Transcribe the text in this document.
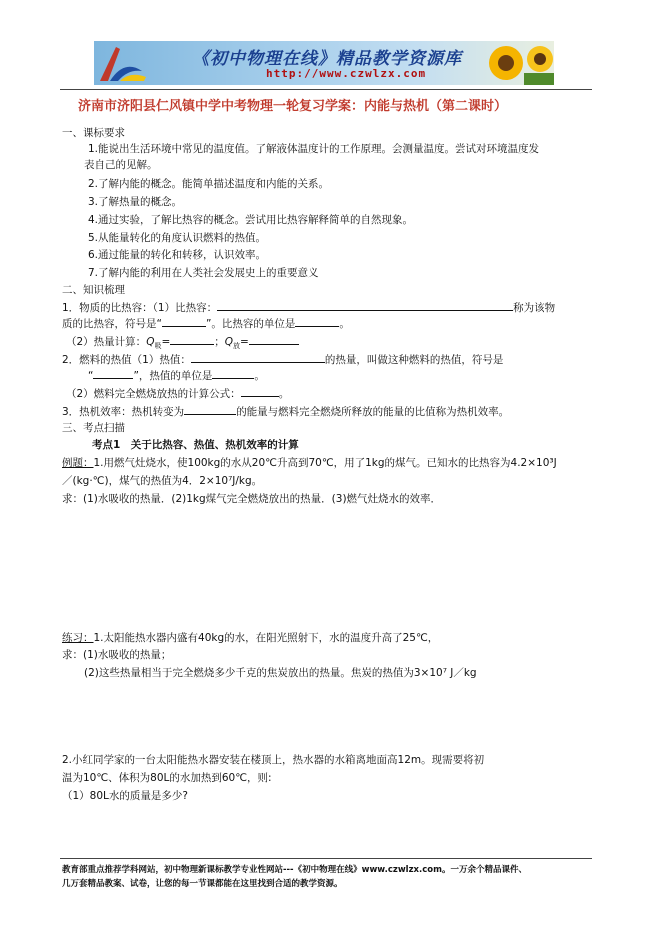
《初中物理在线》精品教学资源库
http://www.czwlzx.com
济南市济阳县仁风镇中学中考物理一轮复习学案：内能与热机（第二课时）
一、课标要求
1.能说出生活环境中常见的温度值。了解液体温度计的工作原理。会测量温度。尝试对环境温度发
表自己的见解。
2.了解内能的概念。能简单描述温度和内能的关系。
3.了解热量的概念。
4.通过实验，了解比热容的概念。尝试用比热容解释简单的自然现象。
5.从能量转化的角度认识燃料的热值。
6.通过能量的转化和转移，认识效率。
7.了解内能的利用在人类社会发展史上的重要意义
二、知识梳理
1．物质的比热容：（1）比热容：	称为该物
质的比热容，符号是“	”。比热容的单位是	。
（2）热量计算：$Q_吸=$	；$Q_放=$
2．燃料的热值（1）热值：	的热量，叫做这种燃料的热值，符号是
“	”，热值的单位是	。
（2）燃料完全燃烧放热的计算公式：	。
3．热机效率：热机转变为	的能量与燃料完全燃烧所释放的能量的比值称为热机效率。
三、考点扫描
考点1　关于比热容、热值、热机效率的计算
例题：1.用燃气灶烧水，使100kg的水从20℃升高到70℃，用了1kg的煤气。已知水的比热容为4.2×10³J
／(kg·℃)，煤气的热值为4．2×10⁷J/kg。
求：(1)水吸收的热量．(2)1kg煤气完全燃烧放出的热量．(3)燃气灶烧水的效率．
练习：1.太阳能热水器内盛有40kg的水，在阳光照射下，水的温度升高了25℃，
求：(1)水吸收的热量；
(2)这些热量相当于完全燃烧多少千克的焦炭放出的热量。焦炭的热值为3×10⁷ J／kg
2.小红同学家的一台太阳能热水器安装在楼顶上，热水器的水箱离地面高12m。现需要将初
温为10℃、体积为80L的水加热到60℃，则:
（1）80L水的质量是多少?
教育部重点推荐学科网站，初中物理新课标教学专业性网站---《初中物理在线》www.czwlzx.com。一万余个精品课件、
几万套精品教案、试卷，让您的每一节课都能在这里找到合适的教学资源。
